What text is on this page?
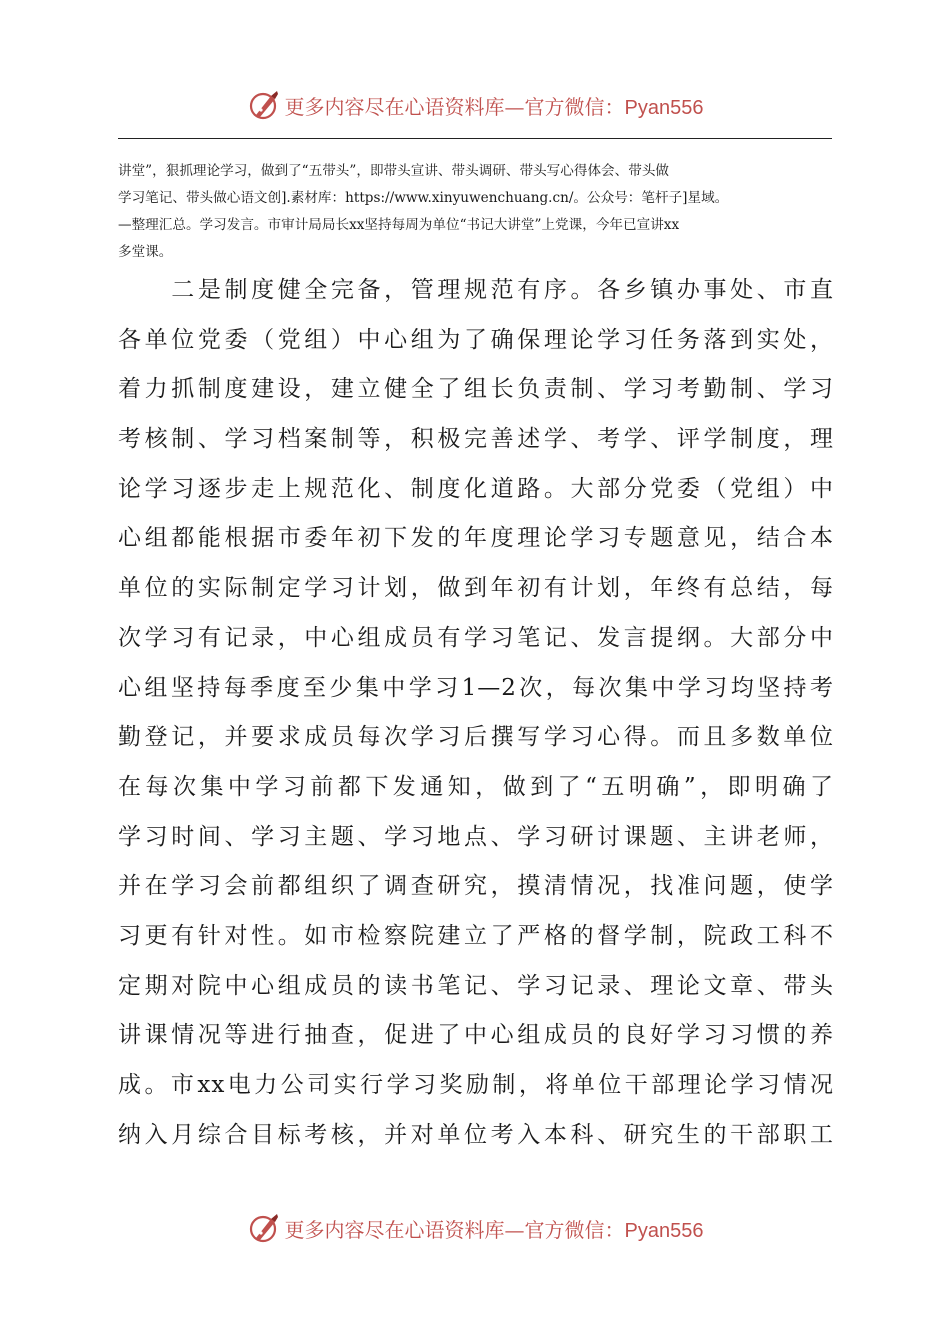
更多内容尽在心语资料库—官方微信：Pyan556
讲堂”，狠抓理论学习，做到了“五带头”，即带头宣讲、带头调研、带头写心得体会、带头做
学习笔记、带头做心语文创].素材库：https://www.xinyuwenchuang.cn/。公众号：笔杆子]星域。
—整理汇总。学习发言。市审计局局长xx坚持每周为单位“书记大讲堂”上党课，今年已宣讲xx
多堂课。
　　二是制度健全完备，管理规范有序。各乡镇办事处、市直
各单位党委（党组）中心组为了确保理论学习任务落到实处，
着力抓制度建设，建立健全了组长负责制、学习考勤制、学习
考核制、学习档案制等，积极完善述学、考学、评学制度，理
论学习逐步走上规范化、制度化道路。大部分党委（党组）中
心组都能根据市委年初下发的年度理论学习专题意见，结合本
单位的实际制定学习计划，做到年初有计划，年终有总结，每
次学习有记录，中心组成员有学习笔记、发言提纲。大部分中
心组坚持每季度至少集中学习1—2次，每次集中学习均坚持考
勤登记，并要求成员每次学习后撰写学习心得。而且多数单位
在每次集中学习前都下发通知，做到了“五明确”，即明确了
学习时间、学习主题、学习地点、学习研讨课题、主讲老师，
并在学习会前都组织了调查研究，摸清情况，找准问题，使学
习更有针对性。如市检察院建立了严格的督学制，院政工科不
定期对院中心组成员的读书笔记、学习记录、理论文章、带头
讲课情况等进行抽查，促进了中心组成员的良好学习习惯的养
成。市xx电力公司实行学习奖励制，将单位干部理论学习情况
纳入月综合目标考核，并对单位考入本科、研究生的干部职工
更多内容尽在心语资料库—官方微信：Pyan556
